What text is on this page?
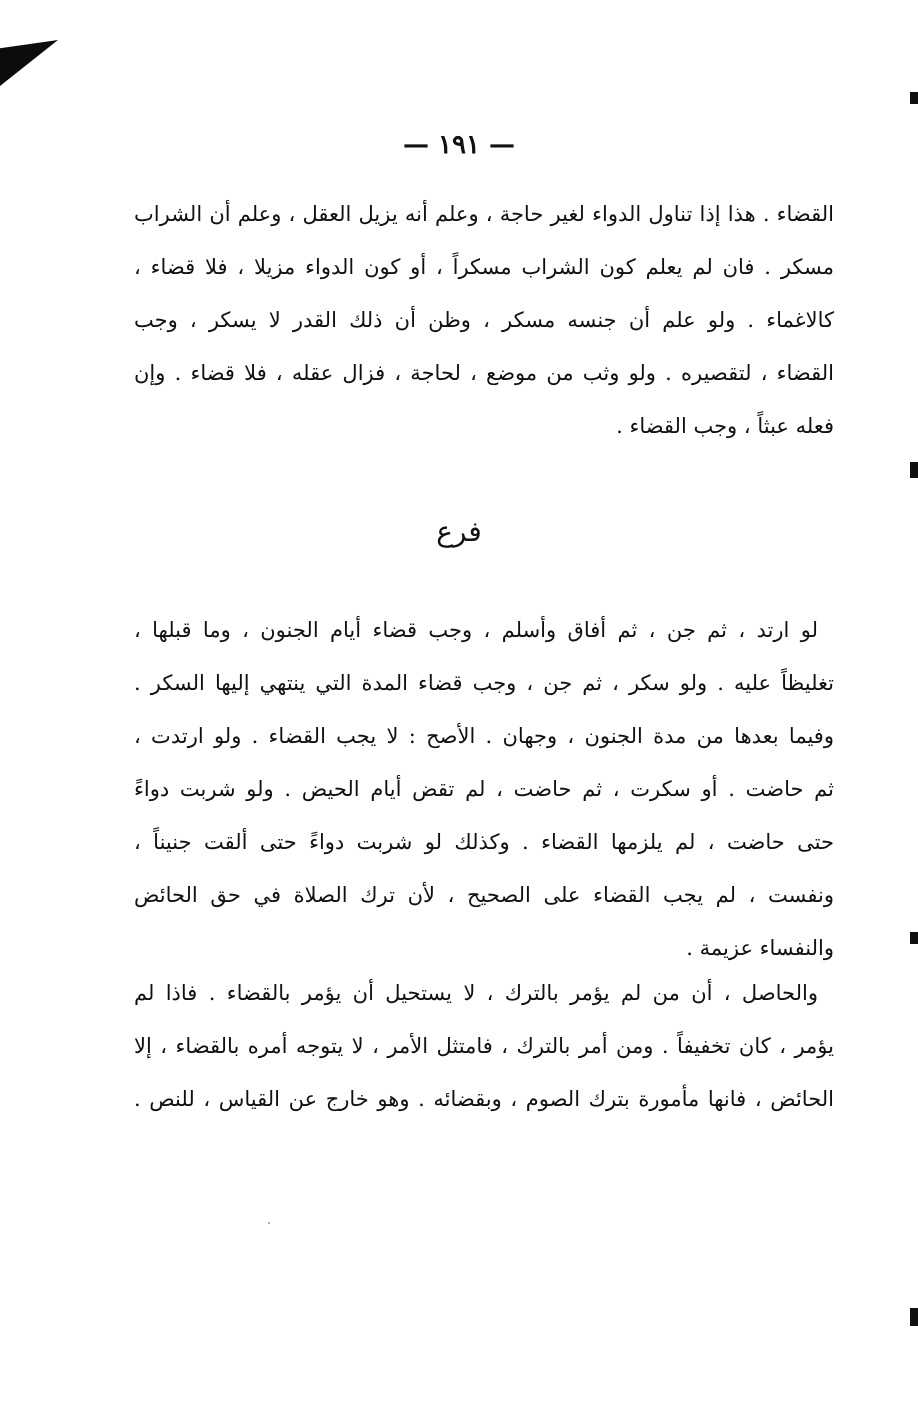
— ١٩١ —
القضاء . هذا إذا تناول الدواء لغير حاجة ، وعلم أنه يزيل العقل ، وعلم أن الشراب
مسكر . فان لم يعلم كون الشراب مسكراً ، أو كون الدواء مزيلا ، فلا قضاء ،
كالاغماء . ولو علم أن جنسه مسكر ، وظن أن ذلك القدر لا يسكر ، وجب
القضاء ، لتقصيره . ولو وثب من موضع ، لحاجة ، فزال عقله ، فلا قضاء . وإن
فعله عبثاً ، وجب القضاء .
فرع
لو ارتد ، ثم جن ، ثم أفاق وأسلم ، وجب قضاء أيام الجنون ، وما قبلها ،
تغليظاً عليه . ولو سكر ، ثم جن ، وجب قضاء المدة التي ينتهي إليها السكر .
وفيما بعدها من مدة الجنون ، وجهان . الأصح : لا يجب القضاء . ولو ارتدت ،
ثم حاضت . أو سكرت ، ثم حاضت ، لم تقض أيام الحيض . ولو شربت دواءً
حتى حاضت ، لم يلزمها القضاء . وكذلك لو شربت دواءً حتى ألقت جنيناً ،
ونفست ، لم يجب القضاء على الصحيح ، لأن ترك الصلاة في حق الحائض
والنفساء عزيمة .
والحاصل ، أن من لم يؤمر بالترك ، لا يستحيل أن يؤمر بالقضاء . فاذا لم
يؤمر ، كان تخفيفاً . ومن أمر بالترك ، فامتثل الأمر ، لا يتوجه أمره بالقضاء ، إلا
الحائض ، فانها مأمورة بترك الصوم ، وبقضائه . وهو خارج عن القياس ، للنص .
